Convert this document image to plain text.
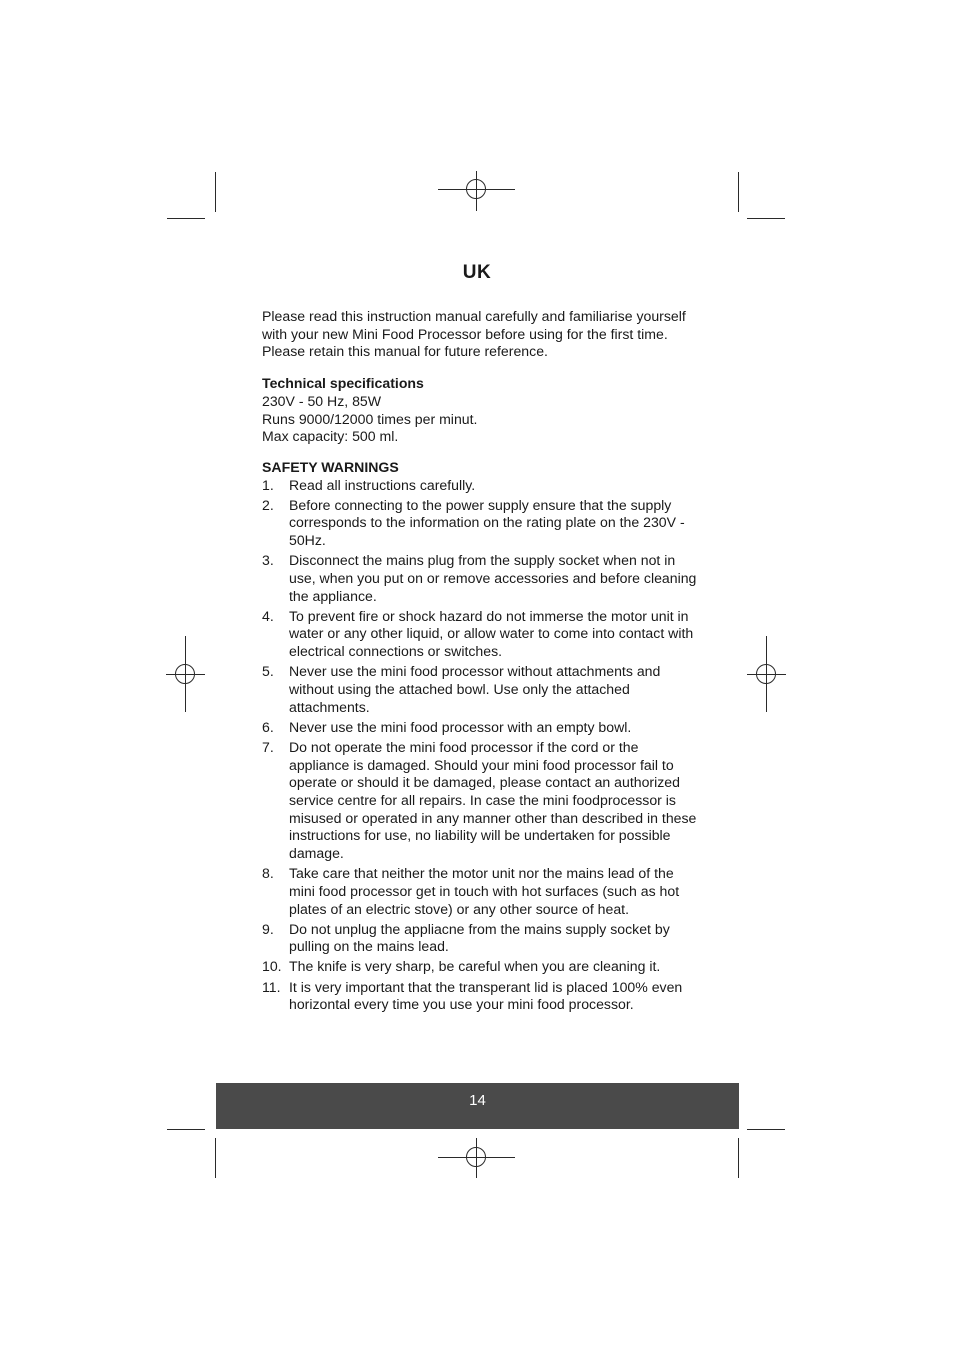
UK

Please read this instruction manual carefully and familiarise yourself

with your new Mini Food Processor before using for the first time.

Please retain this manual for future reference.

Technical specifications

230V - 50 Hz, 85W

Runs 9000/12000 times per minut.

Max capacity: 500 ml.

SAFETY WARNINGS

1.	Read all instructions carefully.
2.	Before connecting to the power supply ensure that the supply corresponds to the information on the rating plate on the 230V - 50Hz.
3.	Disconnect the mains plug from the supply socket when not in use, when you put on or remove accessories and before cleaning the appliance.
4.	To prevent fire or shock hazard do not immerse the motor unit in water or any other liquid, or allow water to come into contact with electrical connections or switches.
5.	Never use the mini food processor without attachments and without using the attached bowl. Use only the attached attachments.
6.	Never use the mini food processor with an empty bowl.
7.	Do not operate the mini food processor if the cord or the appliance is damaged. Should your mini food processor fail to operate or should it be damaged, please contact an authorized service centre for all repairs. In case the mini foodprocessor is misused or operated in any manner other than described in these instructions for use, no liability will be undertaken for possible damage.
8.	Take care that neither the motor unit nor the mains lead of the mini food processor get in touch with hot surfaces (such as hot plates of an electric stove) or any other source of heat.
9.	Do not unplug the appliacne from the mains supply socket by pulling on the mains lead.
10. The knife is very sharp, be careful when you are cleaning it.
11. It is very important that the transperant lid is placed 100% even horizontal every time you use your mini food processor.
14
